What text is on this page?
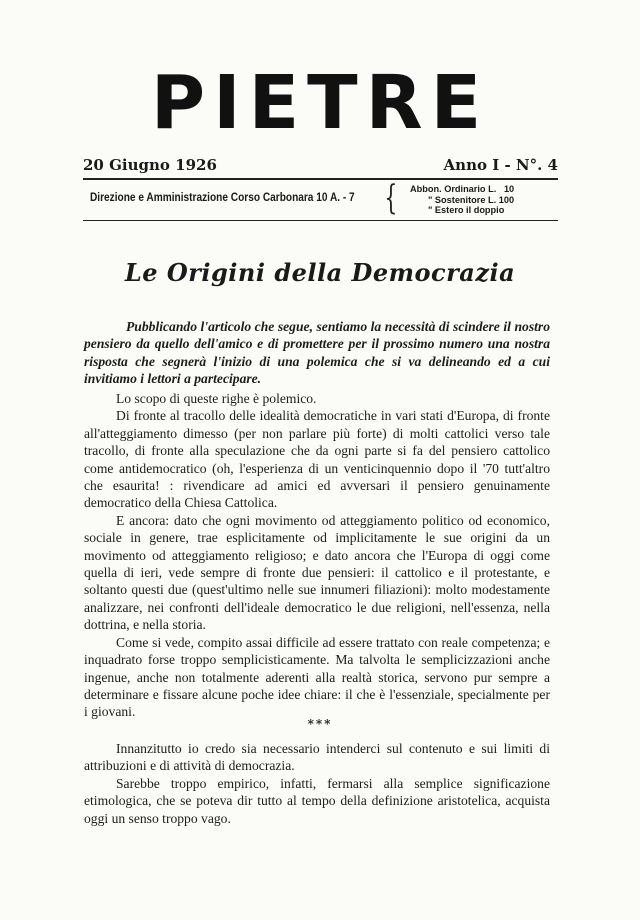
PIETRE
20 Giugno 1926	Anno I - N°. 4
Direzione e Amministrazione Corso Carbonara 10 A. - 7 { Abbon. Ordinario L.
10
" Sostenitore L.
100
" Estero il doppio
Le Origini della Democrazia

Pubblicando l'articolo che segue, sentiamo la necessità di scindere il nostro pensiero da quello dell'amico e di promettere per il prossimo numero una nostra risposta che segnerà l'inizio di una polemica che si va delineando ed a cui invitiamo i lettori a partecipare.

Lo scopo di queste righe è polemico.

Di fronte al tracollo delle idealità democratiche in vari stati d'Europa, di fronte all'atteggiamento dimesso (per non parlare più forte) di molti cattolici verso tale tracollo, di fronte alla speculazione che da ogni parte si fa del pensiero cattolico come antidemocratico (oh, l'esperienza di un venticinquennio dopo il '70 tutt'altro che esaurita! : rivendicare ad amici ed avversari il pensiero genuinamente democratico della Chiesa Cattolica.

E ancora: dato che ogni movimento od atteggiamento politico od economico, sociale in genere, trae esplicitamente od implicitamente le sue origini da un movimento od atteggiamento religioso; e dato ancora che l'Europa di oggi come quella di ieri, vede sempre di fronte due pensieri: il cattolico e il protestante, e soltanto questi due (quest'ultimo nelle sue innumeri filiazioni): molto modestamente analizzare, nei confronti dell'ideale democratico le due religioni, nell'essenza, nella dottrina, e nella storia.

Come si vede, compito assai difficile ad essere trattato con reale competenza; e inquadrato forse troppo semplicisticamente. Ma talvolta le semplicizzazioni anche ingenue, anche non totalmente aderenti alla realtà storica, servono pur sempre a determinare e fissare alcune poche idee chiare: il che è l'essenziale, specialmente per i giovani.

***

Innanzitutto io credo sia necessario intenderci sul contenuto e sui limiti di attribuzioni e di attività di democrazia.

Sarebbe troppo empirico, infatti, fermarsi alla semplice significazione etimologica, che se poteva dir tutto al tempo della definizione aristotelica, acquista oggi un senso troppo vago.
